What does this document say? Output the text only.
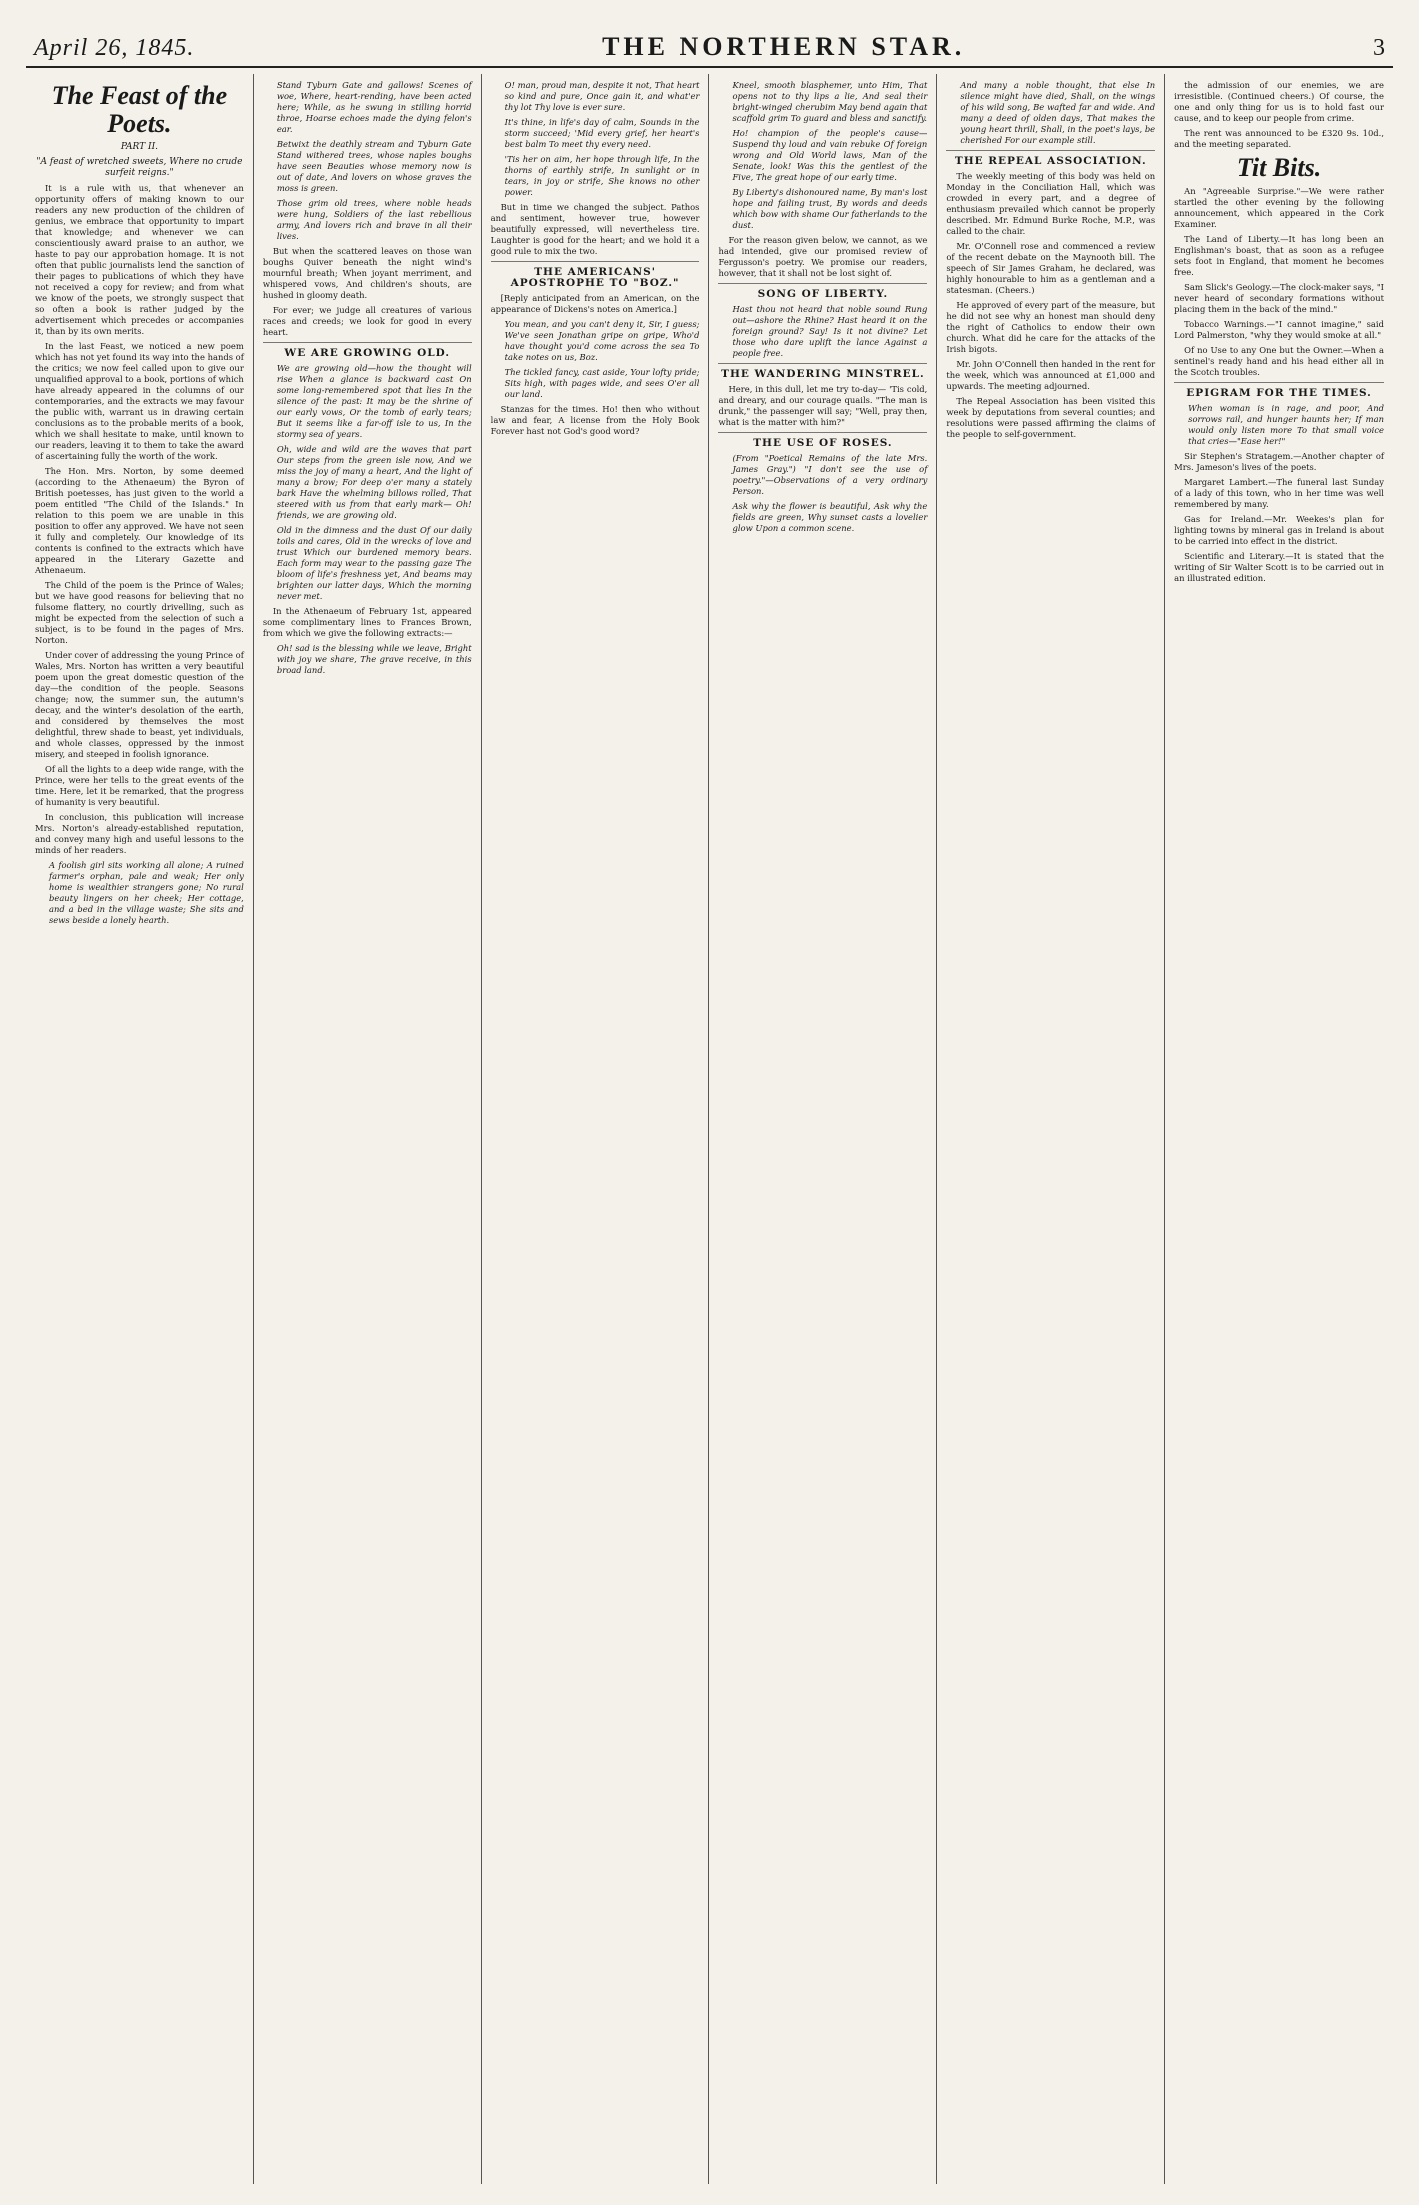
April 26, 1845.	THE NORTHERN STAR.	3
The Feast of the Poets.

PART II.

"A feast of wretched sweets, Where no crude surfeit reigns."

It is a rule with us, that whenever an opportunity offers of making known to our readers any new production of the children of genius, we embrace that opportunity to impart that knowledge; and whenever we can conscientiously award praise to an author, we haste to pay our approbation homage. It is not often that public journalists lend the sanction of their pages to publications of which they have not received a copy for review; and from what we know of the poets, we strongly suspect that so often a book is rather judged by the advertisement which precedes or accompanies it, than by its own merits.

In the last Feast, we noticed a new poem which has not yet found its way into the hands of the critics; we now feel called upon to give our unqualified approval to a book, portions of which have already appeared in the columns of our contemporaries, and the extracts we may favour the public with, warrant us in drawing certain conclusions as to the probable merits of a book, which we shall hesitate to make, until known to our readers, leaving it to them to take the award of ascertaining fully the worth of the work.

The Hon. Mrs. Norton, by some deemed (according to the Athenaeum) the Byron of British poetesses, has just given to the world a poem entitled "The Child of the Islands." In relation to this poem we are unable in this position to offer any approved. We have not seen it fully and completely. Our knowledge of its contents is confined to the extracts which have appeared in the Literary Gazette and Athenaeum.

The Child of the poem is the Prince of Wales; but we have good reasons for believing that no fulsome flattery, no courtly drivelling, such as might be expected from the selection of such a subject, is to be found in the pages of Mrs. Norton.

Under cover of addressing the young Prince of Wales, Mrs. Norton has written a very beautiful poem upon the great domestic question of the day—the condition of the people. Seasons change; now, the summer sun, the autumn's decay, and the winter's desolation of the earth, and considered by themselves the most delightful, threw shade to beast, yet individuals, and whole classes, oppressed by the inmost misery, and steeped in foolish ignorance.

Of all the lights to a deep wide range, with the Prince, were her tells to the great events of the time. Here, let it be remarked, that the progress of humanity is very beautiful.

In conclusion, this publication will increase Mrs. Norton's already-established reputation, and convey many high and useful lessons to the minds of her readers.

A foolish girl sits working all alone; A ruined farmer's orphan, pale and weak; Her only home is wealthier strangers gone; No rural beauty lingers on her cheek; Her cottage, and a bed in the village waste; She sits and sews beside a lonely hearth.

Stand Tyburn Gate and gallows! Scenes of woe, Where, heart-rending, have been acted here; While, as he swung in stilling horrid throe, Hoarse echoes made the dying felon's ear.

Betwixt the deathly stream and Tyburn Gate Stand withered trees, whose naples boughs have seen Beauties whose memory now is out of date, And lovers on whose graves the moss is green.

Those grim old trees, where noble heads were hung, Soldiers of the last rebellious army, And lovers rich and brave in all their lives.

But when the scattered leaves on those wan boughs Quiver beneath the night wind's mournful breath; When joyant merriment, and whispered vows, And children's shouts, are hushed in gloomy death.

For ever; we judge all creatures of various races and creeds; we look for good in every heart.

WE ARE GROWING OLD.

We are growing old—how the thought will rise When a glance is backward cast On some long-remembered spot that lies In the silence of the past: It may be the shrine of our early vows, Or the tomb of early tears; But it seems like a far-off isle to us, In the stormy sea of years.

Oh, wide and wild are the waves that part Our steps from the green isle now, And we miss the joy of many a heart, And the light of many a brow; For deep o'er many a stately bark Have the whelming billows rolled, That steered with us from that early mark— Oh! friends, we are growing old.

Old in the dimness and the dust Of our daily toils and cares, Old in the wrecks of love and trust Which our burdened memory bears. Each form may wear to the passing gaze The bloom of life's freshness yet, And beams may brighten our latter days, Which the morning never met.

In the Athenaeum of February 1st, appeared some complimentary lines to Frances Brown, from which we give the following extracts:—

Oh! sad is the blessing while we leave, Bright with joy we share, The grave receive, in this broad land.

O! man, proud man, despite it not, That heart so kind and pure, Once gain it, and what'er thy lot Thy love is ever sure.

It's thine, in life's day of calm, Sounds in the storm succeed; 'Mid every grief, her heart's best balm To meet thy every need.

'Tis her on aim, her hope through life, In the thorns of earthly strife, In sunlight or in tears, in joy or strife, She knows no other power.

But in time we changed the subject. Pathos and sentiment, however true, however beautifully expressed, will nevertheless tire. Laughter is good for the heart; and we hold it a good rule to mix the two.

THE AMERICANS' APOSTROPHE TO "BOZ."

[Reply anticipated from an American, on the appearance of Dickens's notes on America.]

You mean, and you can't deny it, Sir, I guess; We've seen Jonathan gripe on gripe, Who'd have thought you'd come across the sea To take notes on us, Boz.

The tickled fancy, cast aside, Your lofty pride; Sits high, with pages wide, and sees O'er all our land.

Stanzas for the times. Ho! then who without law and fear, A license from the Holy Book Forever hast not God's good word?

Kneel, smooth blasphemer, unto Him, That opens not to thy lips a lie, And seal their bright-winged cherubim May bend again that scaffold grim To guard and bless and sanctify.

Ho! champion of the people's cause— Suspend thy loud and vain rebuke Of foreign wrong and Old World laws, Man of the Senate, look! Was this the gentlest of the Five, The great hope of our early time.

By Liberty's dishonoured name, By man's lost hope and failing trust, By words and deeds which bow with shame Our fatherlands to the dust.

For the reason given below, we cannot, as we had intended, give our promised review of Fergusson's poetry. We promise our readers, however, that it shall not be lost sight of.

SONG OF LIBERTY.

Hast thou not heard that noble sound Rung out—ashore the Rhine? Hast heard it on the foreign ground? Say! Is it not divine? Let those who dare uplift the lance Against a people free.

THE WANDERING MINSTREL.

Here, in this dull, let me try to-day— 'Tis cold, and dreary, and our courage quails. "The man is drunk," the passenger will say; "Well, pray then, what is the matter with him?"

THE USE OF ROSES.

(From "Poetical Remains of the late Mrs. James Gray.") "I don't see the use of poetry."—Observations of a very ordinary Person.

Ask why the flower is beautiful, Ask why the fields are green, Why sunset casts a lovelier glow Upon a common scene.

And many a noble thought, that else In silence might have died, Shall, on the wings of his wild song, Be wafted far and wide. And many a deed of olden days, That makes the young heart thrill, Shall, in the poet's lays, be cherished For our example still.

THE REPEAL ASSOCIATION.

The weekly meeting of this body was held on Monday in the Conciliation Hall, which was crowded in every part, and a degree of enthusiasm prevailed which cannot be properly described. Mr. Edmund Burke Roche, M.P., was called to the chair.

Mr. O'Connell rose and commenced a review of the recent debate on the Maynooth bill. The speech of Sir James Graham, he declared, was highly honourable to him as a gentleman and a statesman. (Cheers.)

He approved of every part of the measure, but he did not see why an honest man should deny the right of Catholics to endow their own church. What did he care for the attacks of the Irish bigots.

Mr. John O'Connell then handed in the rent for the week, which was announced at £1,000 and upwards. The meeting adjourned.

The Repeal Association has been visited this week by deputations from several counties; and resolutions were passed affirming the claims of the people to self-government.

the admission of our enemies, we are irresistible. (Continued cheers.) Of course, the one and only thing for us is to hold fast our cause, and to keep our people from crime.

The rent was announced to be £320 9s. 10d., and the meeting separated.

Tit Bits.

An "Agreeable Surprise."—We were rather startled the other evening by the following announcement, which appeared in the Cork Examiner.

The Land of Liberty.—It has long been an Englishman's boast, that as soon as a refugee sets foot in England, that moment he becomes free.

Sam Slick's Geology.—The clock-maker says, "I never heard of secondary formations without placing them in the back of the mind."

Tobacco Warnings.—"I cannot imagine," said Lord Palmerston, "why they would smoke at all."

Of no Use to any One but the Owner.—When a sentinel's ready hand and his head either all in the Scotch troubles.

EPIGRAM FOR THE TIMES.

When woman is in rage, and poor, And sorrows rail, and hunger haunts her; If man would only listen more To that small voice that cries—"Ease her!"

Sir Stephen's Stratagem.—Another chapter of Mrs. Jameson's lives of the poets.

Margaret Lambert.—The funeral last Sunday of a lady of this town, who in her time was well remembered by many.

Gas for Ireland.—Mr. Weekes's plan for lighting towns by mineral gas in Ireland is about to be carried into effect in the district.

Scientific and Literary.—It is stated that the writing of Sir Walter Scott is to be carried out in an illustrated edition.
